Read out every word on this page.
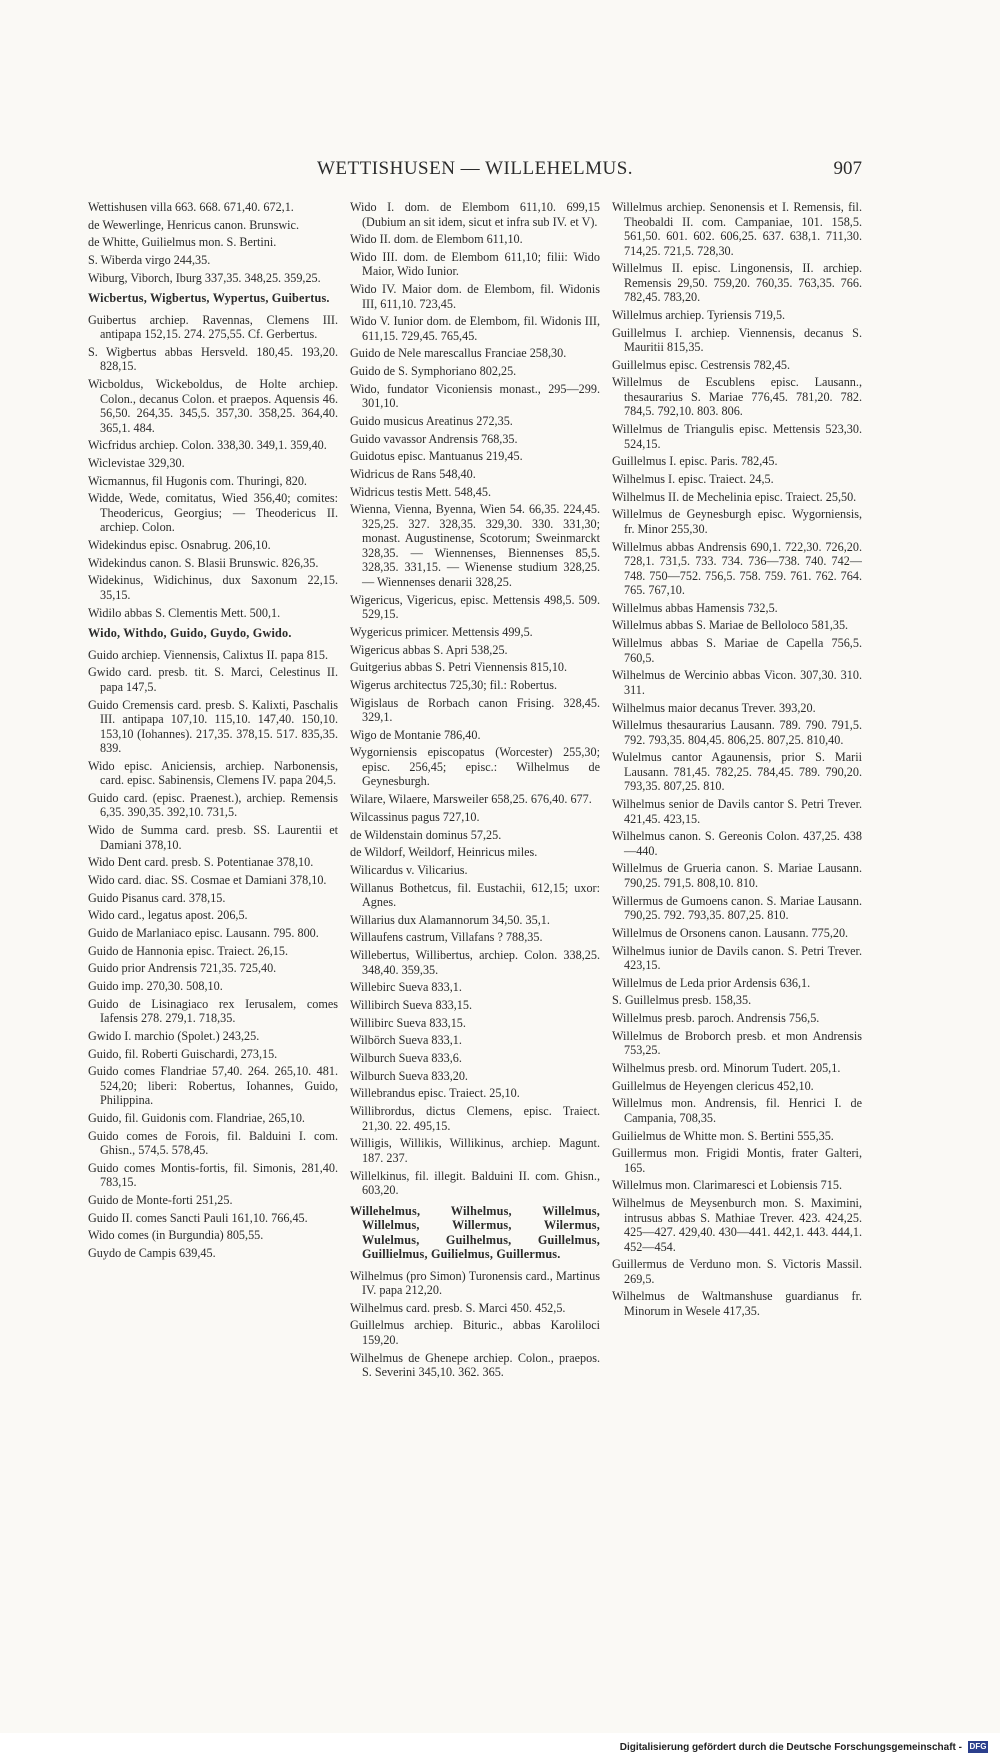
WETTISHUSEN — WILLEHELMUS.	907

Wettishusen villa 663. 668. 671,40. 672,1.

de Wewerlinge, Henricus canon. Brunswic.

de Whitte, Guilielmus mon. S. Bertini.

S. Wiberda virgo 244,35.

Wiburg, Viborch, Iburg 337,35. 348,25. 359,25.

Wicbertus, Wigbertus, Wypertus, Guibertus.

Guibertus archiep. Ravennas, Clemens III. antipapa 152,15. 274. 275,55. Cf. Gerbertus.

S. Wigbertus abbas Hersveld. 180,45. 193,20. 828,15.

Wicboldus, Wickeboldus, de Holte archiep. Colon., decanus Colon. et praepos. Aquensis 46. 56,50. 264,35. 345,5. 357,30. 358,25. 364,40. 365,1. 484.

Wicfridus archiep. Colon. 338,30. 349,1. 359,40.

Wiclevistae 329,30.

Wicmannus, fil Hugonis com. Thuringi, 820.

Widde, Wede, comitatus, Wied 356,40; comites: Theodericus, Georgius; — Theodericus II. archiep. Colon.

Widekindus episc. Osnabrug. 206,10.

Widekindus canon. S. Blasii Brunswic. 826,35.

Widekinus, Widichinus, dux Saxonum 22,15. 35,15.

Widilo abbas S. Clementis Mett. 500,1.

Wido, Withdo, Guido, Guydo, Gwido.

Guido archiep. Viennensis, Calixtus II. papa 815.

Gwido card. presb. tit. S. Marci, Celestinus II. papa 147,5.

Guido Cremensis card. presb. S. Kalixti, Paschalis III. antipapa 107,10. 115,10. 147,40. 150,10. 153,10 (Iohannes). 217,35. 378,15. 517. 835,35. 839.

Wido episc. Aniciensis, archiep. Narbonensis, card. episc. Sabinensis, Clemens IV. papa 204,5.

Guido card. (episc. Praenest.), archiep. Remensis 6,35. 390,35. 392,10. 731,5.

Wido de Summa card. presb. SS. Laurentii et Damiani 378,10.

Wido Dent card. presb. S. Potentianae 378,10.

Wido card. diac. SS. Cosmae et Damiani 378,10.

Guido Pisanus card. 378,15.

Wido card., legatus apost. 206,5.

Guido de Marlaniaco episc. Lausann. 795. 800.

Guido de Hannonia episc. Traiect. 26,15.

Guido prior Andrensis 721,35. 725,40.

Guido imp. 270,30. 508,10.

Guido de Lisinagiaco rex Ierusalem, comes Iafensis 278. 279,1. 718,35.

Gwido I. marchio (Spolet.) 243,25.

Guido, fil. Roberti Guischardi, 273,15.

Guido comes Flandriae 57,40. 264. 265,10. 481. 524,20; liberi: Robertus, Iohannes, Guido, Philippina.

Guido, fil. Guidonis com. Flandriae, 265,10.

Guido comes de Forois, fil. Balduini I. com. Ghisn., 574,5. 578,45.

Guido comes Montis-fortis, fil. Simonis, 281,40. 783,15.

Guido de Monte-forti 251,25.

Guido II. comes Sancti Pauli 161,10. 766,45.

Wido comes (in Burgundia) 805,55.

Guydo de Campis 639,45.

Wido I. dom. de Elembom 611,10. 699,15 (Dubium an sit idem, sicut et infra sub IV. et V).

Wido II. dom. de Elembom 611,10.

Wido III. dom. de Elembom 611,10; filii: Wido Maior, Wido Iunior.

Wido IV. Maior dom. de Elembom, fil. Widonis III, 611,10. 723,45.

Wido V. Iunior dom. de Elembom, fil. Widonis III, 611,15. 729,45. 765,45.

Guido de Nele marescallus Franciae 258,30.

Guido de S. Symphoriano 802,25.

Wido, fundator Viconiensis monast., 295—299. 301,10.

Guido musicus Areatinus 272,35.

Guido vavassor Andrensis 768,35.

Guidotus episc. Mantuanus 219,45.

Widricus de Rans 548,40.

Widricus testis Mett. 548,45.

Wienna, Vienna, Byenna, Wien 54. 66,35. 224,45. 325,25. 327. 328,35. 329,30. 330. 331,30; monast. Augustinense, Scotorum; Sweinmarckt 328,35. — Wiennenses, Biennenses 85,5. 328,35. 331,15. — Wienense studium 328,25. — Wiennenses denarii 328,25.

Wigericus, Vigericus, episc. Mettensis 498,5. 509. 529,15.

Wygericus primicer. Mettensis 499,5.

Wigericus abbas S. Apri 538,25.

Guitgerius abbas S. Petri Viennensis 815,10.

Wigerus architectus 725,30; fil.: Robertus.

Wigislaus de Rorbach canon Frising. 328,45. 329,1.

Wigo de Montanie 786,40.

Wygorniensis episcopatus (Worcester) 255,30; episc. 256,45; episc.: Wilhelmus de Geynesburgh.

Wilare, Wilaere, Marsweiler 658,25. 676,40. 677.

Wilcassinus pagus 727,10.

de Wildenstain dominus 57,25.

de Wildorf, Weildorf, Heinricus miles.

Wilicardus v. Vilicarius.

Willanus Bothetcus, fil. Eustachii, 612,15; uxor: Agnes.

Willarius dux Alamannorum 34,50. 35,1.

Willaufens castrum, Villafans ? 788,35.

Willebertus, Willibertus, archiep. Colon. 338,25. 348,40. 359,35.

Willebirc Sueva 833,1.

Willibirch Sueva 833,15.

Willibirc Sueva 833,15.

Wilbörch Sueva 833,1.

Wilburch Sueva 833,6.

Wilburch Sueva 833,20.

Willebrandus episc. Traiect. 25,10.

Willibrordus, dictus Clemens, episc. Traiect. 21,30. 22. 495,15.

Willigis, Willikis, Willikinus, archiep. Magunt. 187. 237.

Willelkinus, fil. illegit. Balduini II. com. Ghisn., 603,20.

Willehelmus, Wilhelmus, Willelmus, Willelmus, Willermus, Wilermus, Wulelmus, Guilhelmus, Guillelmus, Guillielmus, Guilielmus, Guillermus.

Wilhelmus (pro Simon) Turonensis card., Martinus IV. papa 212,20.

Wilhelmus card. presb. S. Marci 450. 452,5.

Guillelmus archiep. Bituric., abbas Karoliloci 159,20.

Wilhelmus de Ghenepe archiep. Colon., praepos. S. Severini 345,10. 362. 365.

Willelmus archiep. Senonensis et I. Remensis, fil. Theobaldi II. com. Campaniae, 101. 158,5. 561,50. 601. 602. 606,25. 637. 638,1. 711,30. 714,25. 721,5. 728,30.

Willelmus II. episc. Lingonensis, II. archiep. Remensis 29,50. 759,20. 760,35. 763,35. 766. 782,45. 783,20.

Willelmus archiep. Tyriensis 719,5.

Guillelmus I. archiep. Viennensis, decanus S. Mauritii 815,35.

Guillelmus episc. Cestrensis 782,45.

Willelmus de Escublens episc. Lausann., thesaurarius S. Mariae 776,45. 781,20. 782. 784,5. 792,10. 803. 806.

Willelmus de Triangulis episc. Mettensis 523,30. 524,15.

Guillelmus I. episc. Paris. 782,45.

Wilhelmus I. episc. Traiect. 24,5.

Wilhelmus II. de Mechelinia episc. Traiect. 25,50.

Willelmus de Geynesburgh episc. Wygorniensis, fr. Minor 255,30.

Willelmus abbas Andrensis 690,1. 722,30. 726,20. 728,1. 731,5. 733. 734. 736—738. 740. 742—748. 750—752. 756,5. 758. 759. 761. 762. 764. 765. 767,10.

Willelmus abbas Hamensis 732,5.

Willelmus abbas S. Mariae de Belloloco 581,35.

Willelmus abbas S. Mariae de Capella 756,5. 760,5.

Wilhelmus de Wercinio abbas Vicon. 307,30. 310. 311.

Wilhelmus maior decanus Trever. 393,20.

Willelmus thesaurarius Lausann. 789. 790. 791,5. 792. 793,35. 804,45. 806,25. 807,25. 810,40.

Wulelmus cantor Agaunensis, prior S. Marii Lausann. 781,45. 782,25. 784,45. 789. 790,20. 793,35. 807,25. 810.

Wilhelmus senior de Davils cantor S. Petri Trever. 421,45. 423,15.

Wilhelmus canon. S. Gereonis Colon. 437,25. 438—440.

Willelmus de Grueria canon. S. Mariae Lausann. 790,25. 791,5. 808,10. 810.

Willermus de Gumoens canon. S. Mariae Lausann. 790,25. 792. 793,35. 807,25. 810.

Willelmus de Orsonens canon. Lausann. 775,20.

Wilhelmus iunior de Davils canon. S. Petri Trever. 423,15.

Willelmus de Leda prior Ardensis 636,1.

S. Guillelmus presb. 158,35.

Willelmus presb. paroch. Andrensis 756,5.

Willelmus de Broborch presb. et mon Andrensis 753,25.

Wilhelmus presb. ord. Minorum Tudert. 205,1.

Guillelmus de Heyengen clericus 452,10.

Willelmus mon. Andrensis, fil. Henrici I. de Campania, 708,35.

Guilielmus de Whitte mon. S. Bertini 555,35.

Guillermus mon. Frigidi Montis, frater Galteri, 165.

Willelmus mon. Clarimaresci et Lobiensis 715.

Wilhelmus de Meysenburch mon. S. Maximini, intrusus abbas S. Mathiae Trever. 423. 424,25. 425—427. 429,40. 430—441. 442,1. 443. 444,1. 452—454.

Guillermus de Verduno mon. S. Victoris Massil. 269,5.

Wilhelmus de Waltmanshuse guardianus fr. Minorum in Wesele 417,35.

Digitalisierung gefördert durch die Deutsche Forschungsgemeinschaft - DFG
